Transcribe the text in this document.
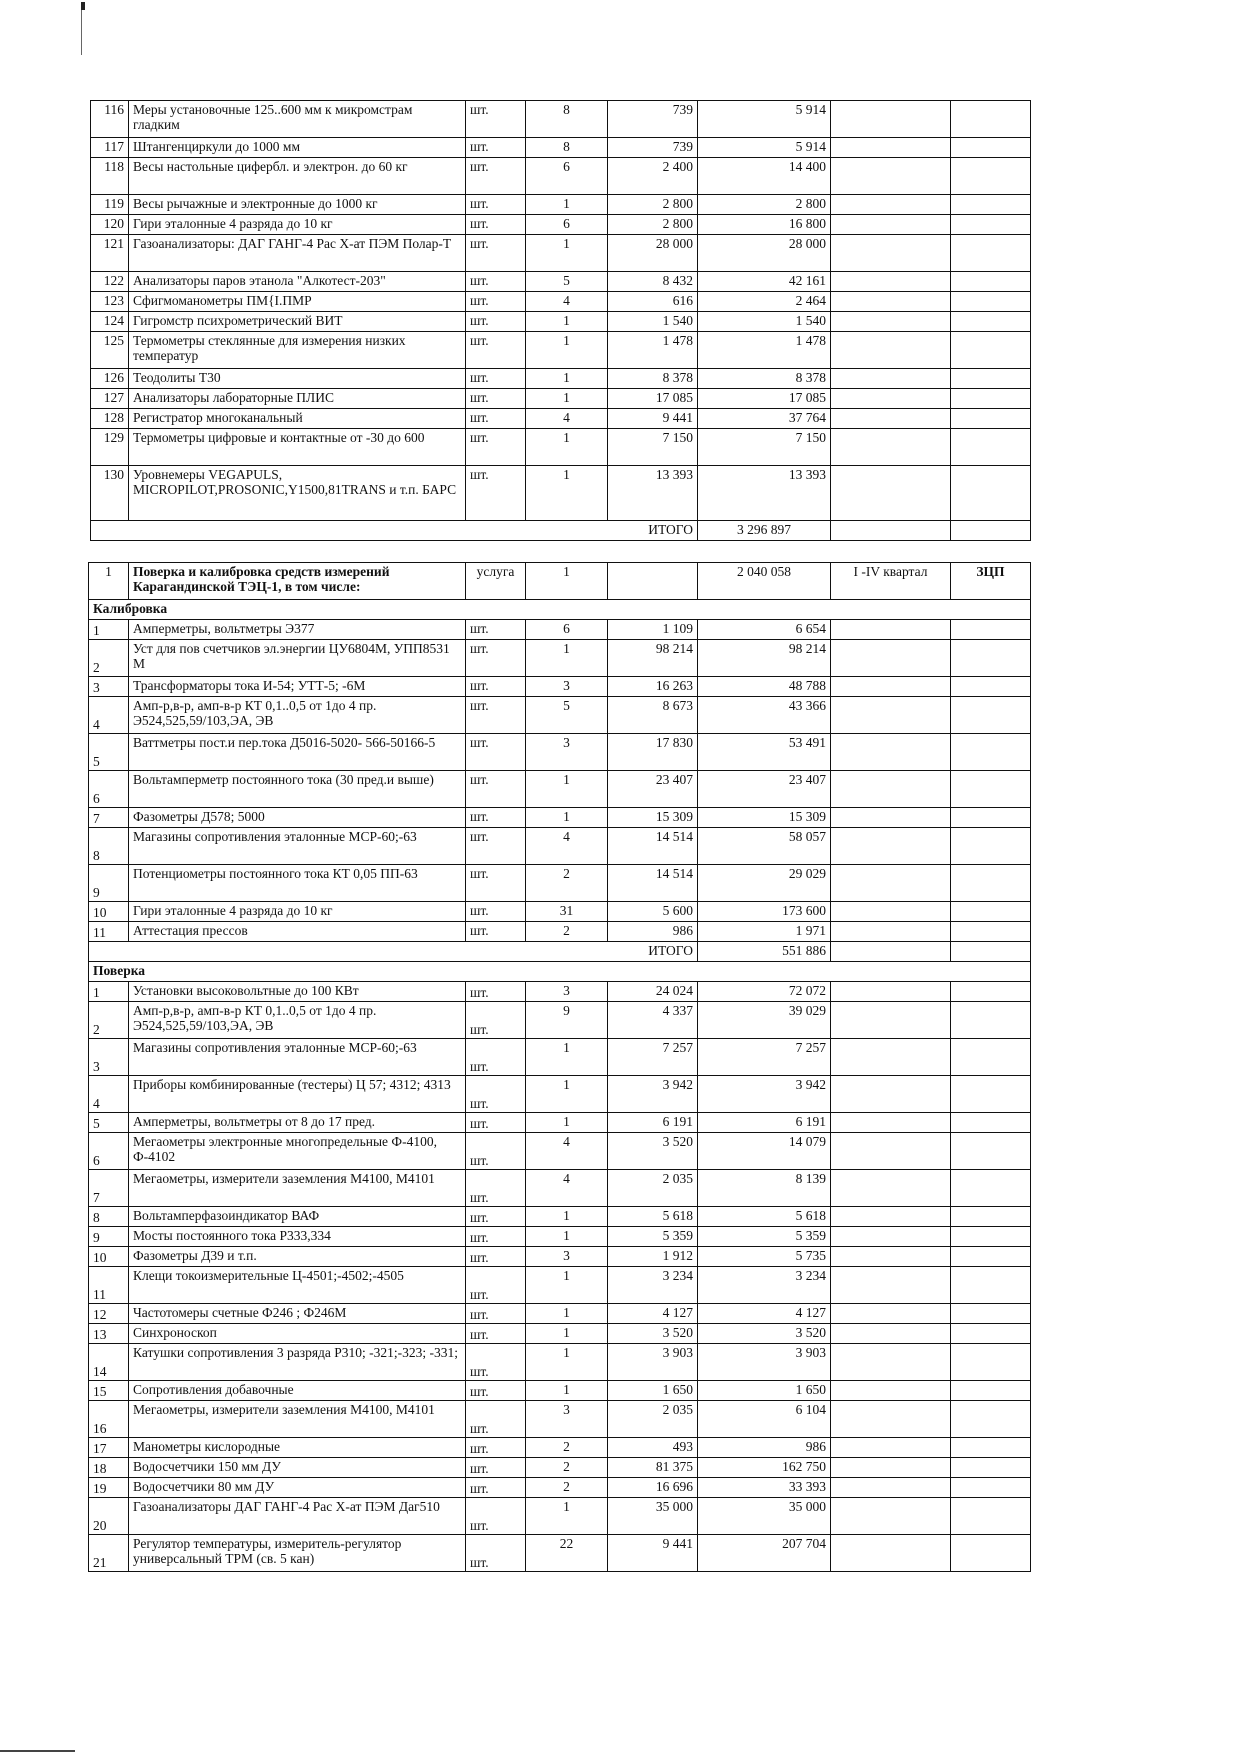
116	Меры установочные 125..600 мм к микромстрам гладким	шт.	8	739	5 914		
117	Штангенциркули до 1000 мм	шт.	8	739	5 914		
118	Весы настольные цифербл. и электрон. до 60 кг	шт.	6	2 400	14 400		
119	Весы рычажные и электронные до 1000 кг	шт.	1	2 800	2 800		
120	Гири эталонные 4 разряда до 10 кг	шт.	6	2 800	16 800		
121	Газоанализаторы: ДАГ ГАНГ-4 Рас Х-ат ПЭМ Полар-Т	шт.	1	28 000	28 000		
122	Анализаторы паров этанола "Алкотест-203"	шт.	5	8 432	42 161		
123	Сфигмоманометры ПМ{I.ПМР	шт.	4	616	2 464		
124	Гигромстр психрометрический ВИТ	шт.	1	1 540	1 540		
125	Термометры стеклянные для измерения низких температур	шт.	1	1 478	1 478		
126	Теодолиты Т30	шт.	1	8 378	8 378		
127	Анализаторы лабораторные ПЛИС	шт.	1	17 085	17 085		
128	Регистратор многоканальный	шт.	4	9 441	37 764		
129	Термометры цифровые и контактные от -30 до 600	шт.	1	7 150	7 150		
130	Уровнемеры VEGAPULS, MICROPILOT,PROSONIC,Y1500,81TRANS и т.п. БАРС	шт.	1	13 393	13 393		
ИТОГО					3 296 897		
1	Поверка и калибровка средств измерений Карагандинской ТЭЦ-1, в том числе:	услуга	1		2 040 058	I -IV квартал	ЗЦП
Калибровка							
1	Амперметры, вольтметры Э377	шт.	6	1 109	6 654		
2	Уст для пов счетчиков эл.энергии ЦУ6804М, УПП8531 М	шт.	1	98 214	98 214		
3	Трансформаторы тока И-54; УТТ-5; -6М	шт.	3	16 263	48 788		
4	Амп-р,в-р, амп-в-р КТ 0,1..0,5 от 1до 4 пр. Э524,525,59/103,ЭА, ЭВ	шт.	5	8 673	43 366		
5	Ваттметры пост.и пер.тока Д5016-5020- 566-50166-5	шт.	3	17 830	53 491		
6	Вольтамперметр постоянного тока (30 пред.и выше)	шт.	1	23 407	23 407		
7	Фазометры Д578; 5000	шт.	1	15 309	15 309		
8	Магазины сопротивления эталонные МСР-60;-63	шт.	4	14 514	58 057		
9	Потенциометры постоянного тока КТ 0,05 ПП-63	шт.	2	14 514	29 029		
10	Гири эталонные 4 разряда до 10 кг	шт.	31	5 600	173 600		
11	Аттестация прессов	шт.	2	986	1 971		
ИТОГО					551 886		
Поверка							
1	Установки высоковольтные до 100 КВт	шт.	3	24 024	72 072		
2	Амп-р,в-р, амп-в-р КТ 0,1..0,5 от 1до 4 пр. Э524,525,59/103,ЭА, ЭВ	шт.	9	4 337	39 029		
3	Магазины сопротивления эталонные МСР-60;-63	шт.	1	7 257	7 257		
4	Приборы комбинированные (тестеры) Ц 57; 4312; 4313	шт.	1	3 942	3 942		
5	Амперметры, вольтметры от 8 до 17 пред.	шт.	1	6 191	6 191		
6	Мегаометры электронные многопредельные Ф-4100, Ф-4102	шт.	4	3 520	14 079		
7	Мегаометры, измерители заземления М4100, М4101	шт.	4	2 035	8 139		
8	Вольтамперфазоиндикатор ВАФ	шт.	1	5 618	5 618		
9	Мосты постоянного тока Р333,334	шт.	1	5 359	5 359		
10	Фазометры Д39 и т.п.	шт.	3	1 912	5 735		
11	Клещи токоизмерительные Ц-4501;-4502;-4505	шт.	1	3 234	3 234		
12	Частотомеры счетные Ф246 ; Ф246М	шт.	1	4 127	4 127		
13	Синхроноскоп	шт.	1	3 520	3 520		
14	Катушки сопротивления 3 разряда Р310; -321;-323; -331;	шт.	1	3 903	3 903		
15	Сопротивления добавочные	шт.	1	1 650	1 650		
16	Мегаометры, измерители заземления М4100, М4101	шт.	3	2 035	6 104		
17	Манометры кислородные	шт.	2	493	986		
18	Водосчетчики 150 мм ДУ	шт.	2	81 375	162 750		
19	Водосчетчики 80 мм ДУ	шт.	2	16 696	33 393		
20	Газоанализаторы ДАГ ГАНГ-4 Рас Х-ат ПЭМ Даг510	шт.	1	35 000	35 000		
21	Регулятор температуры, измеритель-регулятор универсальный ТРМ (св. 5 кан)	шт.	22	9 441	207 704		
